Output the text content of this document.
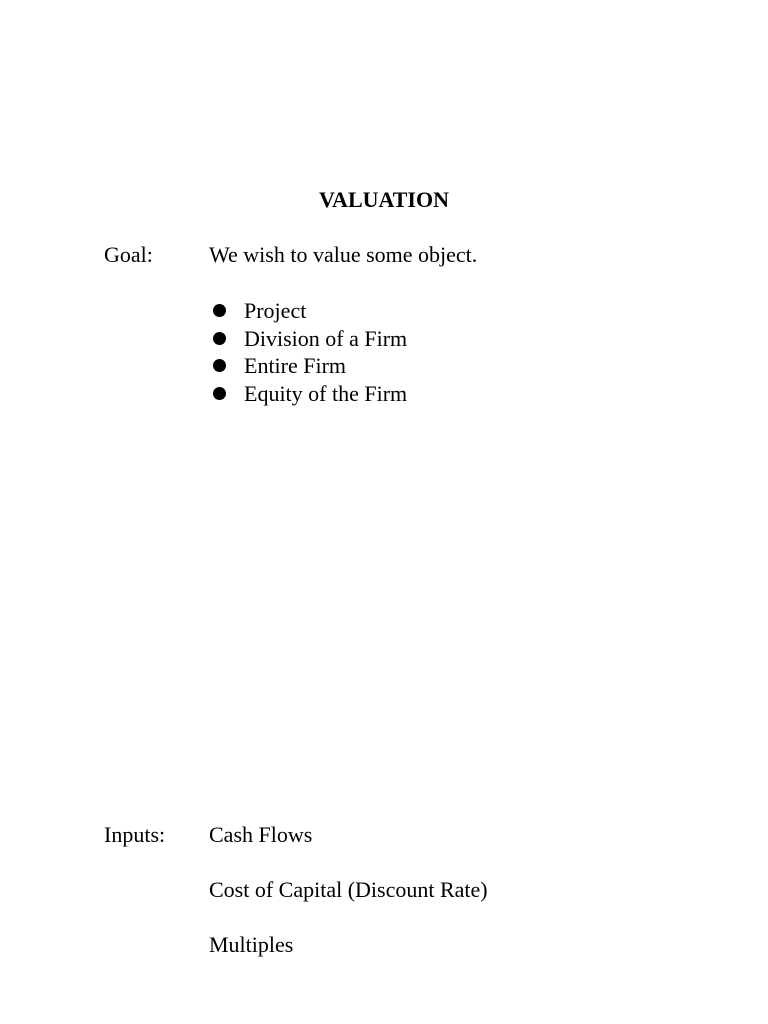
VALUATION
Goal:	We wish to value some object.
Project
Division of a Firm
Entire Firm
Equity of the Firm
Inputs: Cash Flows
Cost of Capital (Discount Rate)
Multiples
